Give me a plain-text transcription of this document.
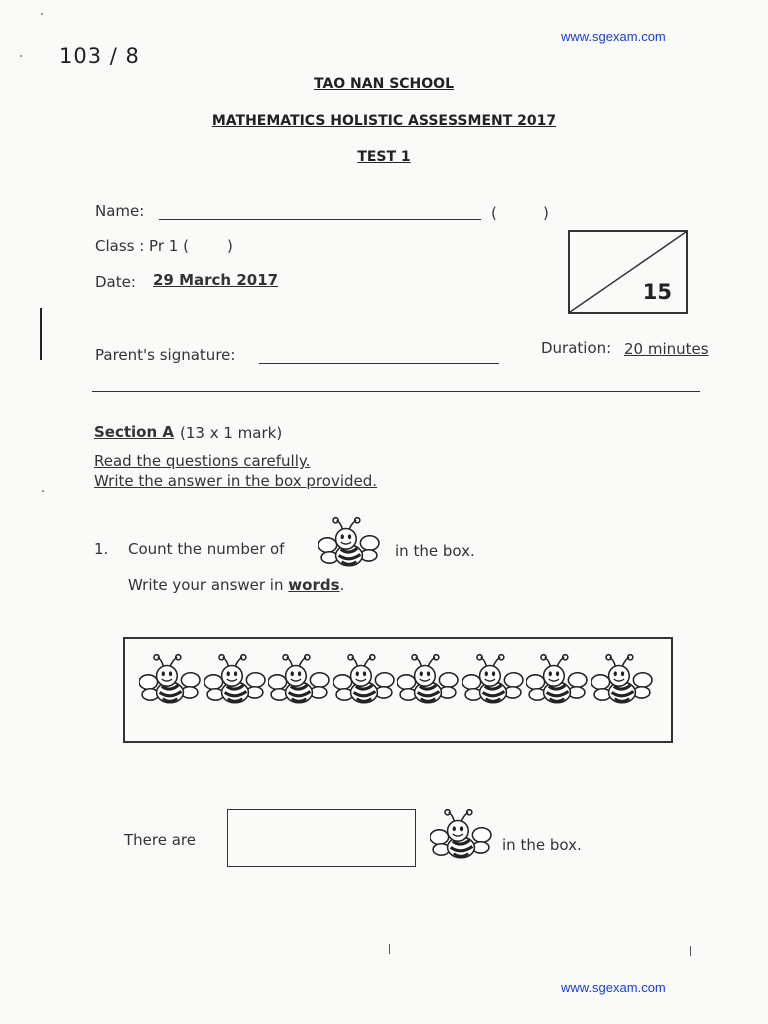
www.sgexam.com
103 / 8
TAO NAN SCHOOL
MATHEMATICS HOLISTIC ASSESSMENT 2017
TEST 1
Name:	(	)
Class : Pr 1 (	)
Date: 29 March 2017	15
Parent's signature:	Duration: 20 minutes
Section A (13 x 1 mark)
Read the questions carefully.
Write the answer in the box provided.
1. Count the number of	in the box.
Write your answer in words.
There are	in the box.
www.sgexam.com
